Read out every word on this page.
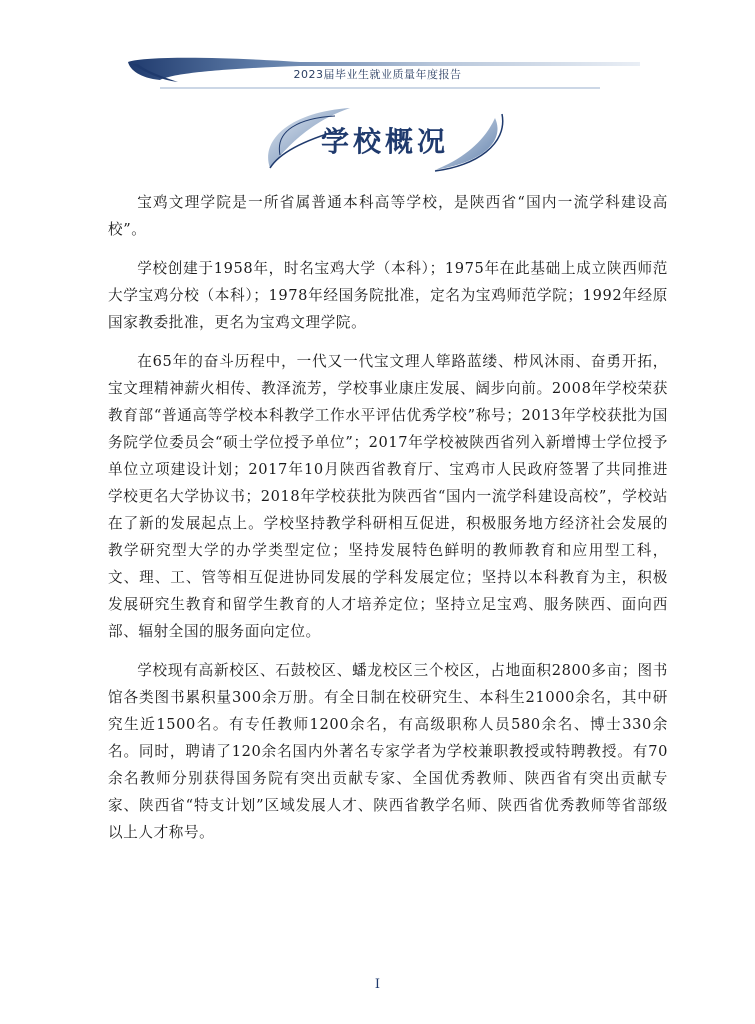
2023届毕业生就业质量年度报告
学校概况

宝鸡文理学院是一所省属普通本科高等学校，是陕西省“国内一流学科建设高校”。

学校创建于1958年，时名宝鸡大学（本科）；1975年在此基础上成立陕西师范大学宝鸡分校（本科）；1978年经国务院批准，定名为宝鸡师范学院；1992年经原国家教委批准，更名为宝鸡文理学院。

在65年的奋斗历程中，一代又一代宝文理人筚路蓝缕、栉风沐雨、奋勇开拓，宝文理精神薪火相传、教泽流芳，学校事业康庄发展、阔步向前。2008年学校荣获教育部“普通高等学校本科教学工作水平评估优秀学校”称号；2013年学校获批为国务院学位委员会“硕士学位授予单位”；2017年学校被陕西省列入新增博士学位授予单位立项建设计划；2017年10月陕西省教育厅、宝鸡市人民政府签署了共同推进学校更名大学协议书；2018年学校获批为陕西省“国内一流学科建设高校”，学校站在了新的发展起点上。学校坚持教学科研相互促进，积极服务地方经济社会发展的教学研究型大学的办学类型定位；坚持发展特色鲜明的教师教育和应用型工科，文、理、工、管等相互促进协同发展的学科发展定位；坚持以本科教育为主，积极发展研究生教育和留学生教育的人才培养定位；坚持立足宝鸡、服务陕西、面向西部、辐射全国的服务面向定位。

学校现有高新校区、石鼓校区、蟠龙校区三个校区，占地面积2800多亩；图书馆各类图书累积量300余万册。有全日制在校研究生、本科生21000余名，其中研究生近1500名。有专任教师1200余名，有高级职称人员580余名、博士330余名。同时，聘请了120余名国内外著名专家学者为学校兼职教授或特聘教授。有70余名教师分别获得国务院有突出贡献专家、全国优秀教师、陕西省有突出贡献专家、陕西省“特支计划”区域发展人才、陕西省教学名师、陕西省优秀教师等省部级以上人才称号。

I
